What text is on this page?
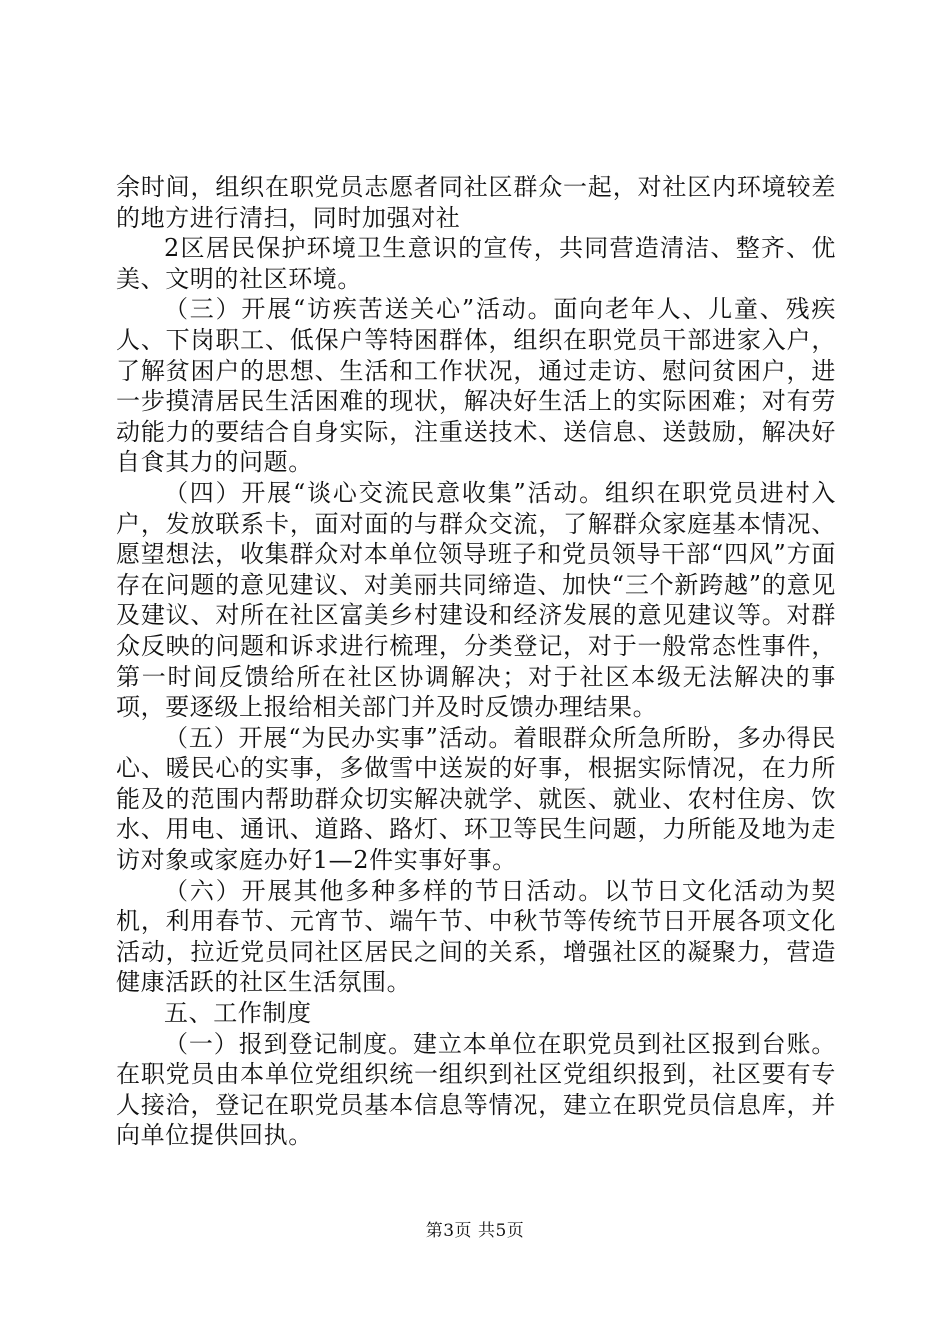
余时间，组织在职党员志愿者同社区群众一起，对社区内环境较差的地方进行清扫，同时加强对社

2区居民保护环境卫生意识的宣传，共同营造清洁、整齐、优美、文明的社区环境。

（三）开展“访疾苦送关心”活动。面向老年人、儿童、残疾人、下岗职工、低保户等特困群体，组织在职党员干部进家入户，了解贫困户的思想、生活和工作状况，通过走访、慰问贫困户，进一步摸清居民生活困难的现状，解决好生活上的实际困难；对有劳动能力的要结合自身实际，注重送技术、送信息、送鼓励，解决好自食其力的问题。

（四）开展“谈心交流民意收集”活动。组织在职党员进村入户，发放联系卡，面对面的与群众交流，了解群众家庭基本情况、愿望想法，收集群众对本单位领导班子和党员领导干部“四风”方面存在问题的意见建议、对美丽共同缔造、加快“三个新跨越”的意见及建议、对所在社区富美乡村建设和经济发展的意见建议等。对群众反映的问题和诉求进行梳理，分类登记，对于一般常态性事件，第一时间反馈给所在社区协调解决；对于社区本级无法解决的事项，要逐级上报给相关部门并及时反馈办理结果。

（五）开展“为民办实事”活动。着眼群众所急所盼，多办得民心、暖民心的实事，多做雪中送炭的好事，根据实际情况，在力所能及的范围内帮助群众切实解决就学、就医、就业、农村住房、饮水、用电、通讯、道路、路灯、环卫等民生问题，力所能及地为走访对象或家庭办好1—2件实事好事。

（六）开展其他多种多样的节日活动。以节日文化活动为契机，利用春节、元宵节、端午节、中秋节等传统节日开展各项文化活动，拉近党员同社区居民之间的关系，增强社区的凝聚力，营造健康活跃的社区生活氛围。

五、工作制度

（一）报到登记制度。建立本单位在职党员到社区报到台账。在职党员由本单位党组织统一组织到社区党组织报到，社区要有专人接洽，登记在职党员基本信息等情况，建立在职党员信息库，并向单位提供回执。

第3页 共5页
